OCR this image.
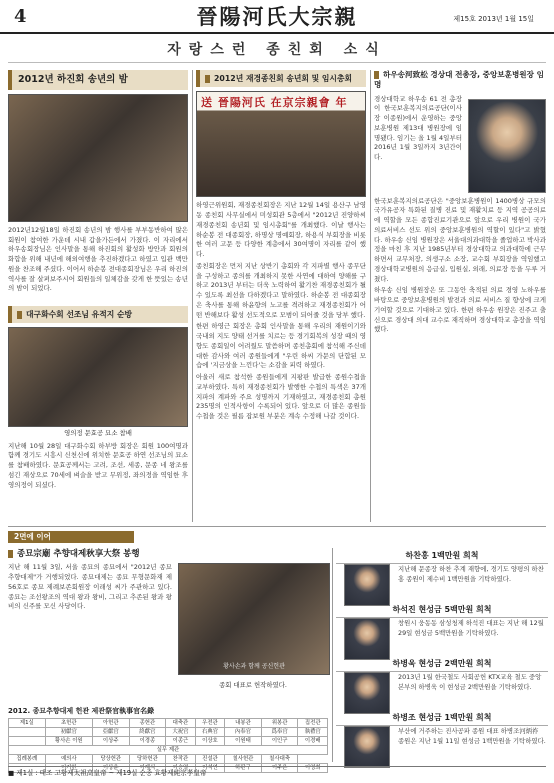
4	晉陽河氏大宗親	제15호 2013년 1월 15일
자랑스런 종친회 소식
2012년 하진회 송년의 밤
2012년12월18일 하진회 송년의 밤 행사를 부부동반하여 많은 회원이 참여한 가운데 시내 갑을가든에서 가졌다. 이 자리에서 하우송회장님은 인사말을 통해 하진회의 활성화 방안과 회원의 화합을 위해 내년에 해외여행을 추진하겠다고 하였고 입관 백만원을 찬조해 주셨다. 이어서 하순봉 전대종회장님은 우리 하진의 역사를 잘 살펴보주시어 회원들의 일체감을 갖게 한 뜻있는 송년의 밤이 되었다.
대구화수회 선조님 유적지 순방
영의정 문효공 묘소 참배
지난해 10월 28일 대구화수회 하부방 회장은 회원 100여명과 함께 경기도 시흥시 신천신에 위치한 문효공 하연 선조님의 묘소를 참배하였다. 문효공께서는 고려, 조선, 세종, 문종 네 왕조를 섬긴 재상으로 70세에 벼슬을 받고 무위정, 좌의정을 역임한 후 영의정이 되셨다.
2012년 재경종친회 송년회 및 임시총회
送 晉陽河氏 在京宗親會 年

하영근위원회, 재경종친회장은 지난 12월 14일 용산구 남영동 종친회 사무실에서 미성회관 5층에서 "2012년 진양하씨 재경종친회 송년회 및 임시총회"를 개최했다. 이날 행사는 하순봉 전 대종회장, 하명상 명예회장, 하용식 부회장을 비롯한 여러 고문 등 다양한 계층에서 30여명이 자리를 같이 했다.

종친회장은 먼저 지난 상반기 총회와 각 지파별 행사 종무단을 구성하고 종의를 개최하지 못한 사연에 대하여 양해를 구하고 2013년 부터는 더욱 노력하여 활기찬 재경종친회가 될 수 있도록 최선을 다하겠다고 말하였다. 하순봉 전 대종회장은 축사를 통해 하윤향의 노고를 격려하고 재경종친회가 어떤 반해보다 활성 선도적으로 모범이 되어줄 것을 당부 했다.

한편 하영근 회장은 총회 인사말을 통해 우리의 재원이기와 국내외 지도 양태 선거를 치르는 등 경기회복의 성장 때의 영향도 종회일이 어려웠도 말씀하며 종친총회에 참석해 주신데 대한 감사와 여러 종원들에게 "우린 하씨 가문의 단합된 모습에 '지금상을 느낀다'는 소감을 피력 하였다.

아울러 새로 참석한 종원들에게 지팡판 발급한 종원수첩을 교부하였다. 특히 재경종친회가 발행한 수첩의 특색은 37개 지파의 계파와 주요 성명까지 기재하였고, 재경종친회 총원 235명의 인적사항이 수록되어 있다. 앞으로 더 많은 종원들 수첩을 것은 필름 잡보원 부분은 계속 수정해 나갈 것이다.

하우송河致松 경상대 전총장, 중앙보훈병원장 임명
경상대학교 하우송 61 전 총장이 한국보훈복지의료공단(이사장 이종원)에서 운영하는 중앙보훈병원 제13대 병원장에 임명됐다. 임기는 올 1월 4일부터 2016년 1월 3일까지 3년간이다.

한국보훈복지의료공단은 "중앙보훈병원이 1400병상 규모의 국가유공자 특화된 질병 진료 및 재활치료 등 지역 공공의료에 역할을 모든 종합진료기관으로 앞으로 우리 병원이 국가 의료서비스 선도 위의 중앙보훈병원의 역할이 있다"고 밝혔다. 하우송 신임 병원장은 서울대의과대학을 졸업하고 박사과정을 마친 후 지난 1985년부터 경상대학교 의과대학에 근무하면서 교무처장, 의생구소 소장, 교수회 부회장을 역임했고 경상대학교병원의 응급실, 입원실, 외래, 의료장 등을 두루 거쳤다.

하우송 신임 병원장은 또 그동안 축적된 의료 경영 노하우를 바탕으로 중앙보훈병원의 발전과 의료 서비스 질 향상에 크게 기여할 것으로 기대하고 있다. 한편 하우송 원장은 진주고 출신으로 경상대 의대 교수로 재직하며 경상대학교 총장을 역임했다.

2면에 이어
종묘宗廟 추향대제秋享大祭 봉행
지난 해 11월 3일, 서울 종묘의 종묘에서 "2012년 종묘 추향대제"가 거행되었다. 종묘대제는 종묘 무형문화재 제56호로 종묘 제례보존회원장 이래성 씨가 주관하고 있다. 종묘는 조선왕조의 역대 왕과 왕비, 그리고 추존된 왕과 왕비의 신주를 모신 사당이다.
황사손과 함께 공신헌관
종회 대표로 헌작하였다.
2012. 종묘추향대제 헌관 제관祭官執事官名錄
제1실	초헌관	아헌관	종헌관	대축관	우전관	내봉관	위봉관	집전관
	初獻官	亞獻官	終獻官	大祝官	右典官	內奉官	爲奉官	執禮官
	황사손 이원	이상주	이경종	이종근	이상호	이원태	이인구	이경배
실무 제관								
집례봉례	예의사	당상헌관	당하헌관	찬작관	진설관	칠사헌관	칠사대축	
	이기한	이상운	이재식	이승열	이석연	하판구	이주은	이영희
하찬홍 1백만원 희척
지난해 문종장 하찬 추계 재향에, 경기도 양평의 하찬홍 종원이 제수비 1백만원을 기탁하였다.
하석진 현성금 5백만원 희척
창원시 웅동동 삼성청제 하석진 대표는 지난 해 12월 29일 현성금 5백만원을 기탁하였다.
하병욱 현성금 2백만원 희척
2013년 1월 한국철도 사회공헌 KTX교육 철도 중앙본부의 하병욱 이 현성금 2백만원을 기탁하였다.
하병조 현성금 1백만원 희척
부산에 거주하는 진사공파 종원 대표 하병조河炳祚 종원은 지난 1월 11일 현성금 1백만원을 기탁하였다.
■ 제1실 : 태조 고황제太祖高皇帝 ~ 제19실 순종 효황제純宗孝皇帝
